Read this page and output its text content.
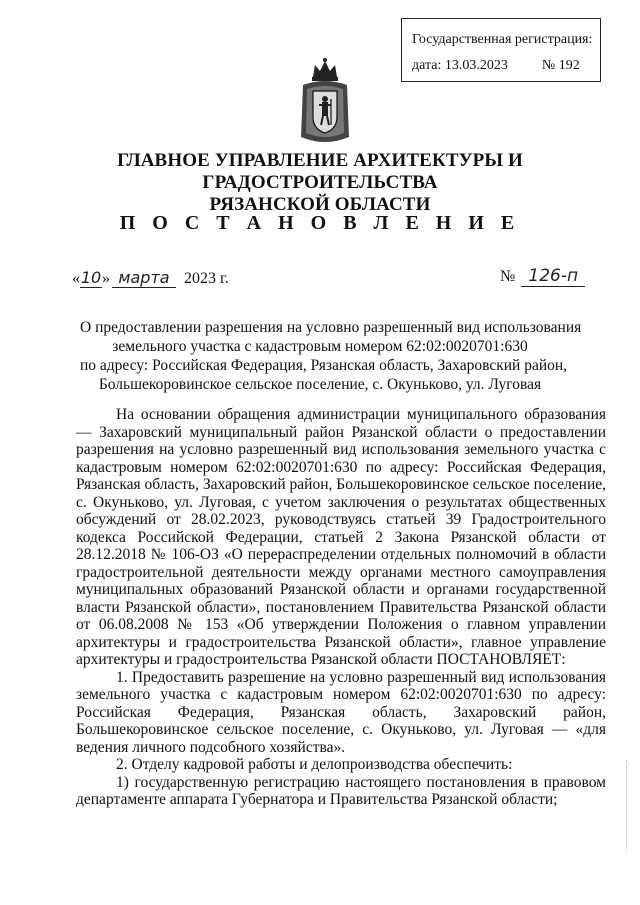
Государственная регистрация:
дата: 13.03.2023 № 192
ГЛАВНОЕ УПРАВЛЕНИЕ АРХИТЕКТУРЫ И ГРАДОСТРОИТЕЛЬСТВА
РЯЗАНСКОЙ ОБЛАСТИ
П О С Т А Н О В Л Е Н И Е
« 10 » марта 2023 г.	№ 126-п
О предоставлении разрешения на условно разрешенный вид использования
земельного участка с кадастровым номером 62:02:0020701:630
по адресу: Российская Федерация, Рязанская область, Захаровский район,
Большекоровинское сельское поселение, с. Окуньково, ул. Луговая

На основании обращения администрации муниципального образования — Захаровский муниципальный район Рязанской области о предоставлении разрешения на условно разрешенный вид использования земельного участка с кадастровым номером 62:02:0020701:630 по адресу: Российская Федерация, Рязанская область, Захаровский район, Большекоровинское сельское поселение, с. Окуньково, ул. Луговая, с учетом заключения о результатах общественных обсуждений от 28.02.2023, руководствуясь статьей 39 Градостроительного кодекса Российской Федерации, статьей 2 Закона Рязанской области от 28.12.2018 № 106-ОЗ «О перераспределении отдельных полномочий в области градостроительной деятельности между органами местного самоуправления муниципальных образований Рязанской области и органами государственной власти Рязанской области», постановлением Правительства Рязанской области от 06.08.2008 № 153 «Об утверждении Положения о главном управлении архитектуры и градостроительства Рязанской области», главное управление архитектуры и градостроительства Рязанской области ПОСТАНОВЛЯЕТ:

1. Предоставить разрешение на условно разрешенный вид использования земельного участка с кадастровым номером 62:02:0020701:630 по адресу: Российская Федерация, Рязанская область, Захаровский район, Большекоровинское сельское поселение, с. Окуньково, ул. Луговая — «для ведения личного подсобного хозяйства».

2. Отделу кадровой работы и делопроизводства обеспечить:

1) государственную регистрацию настоящего постановления в правовом департаменте аппарата Губернатора и Правительства Рязанской области;
